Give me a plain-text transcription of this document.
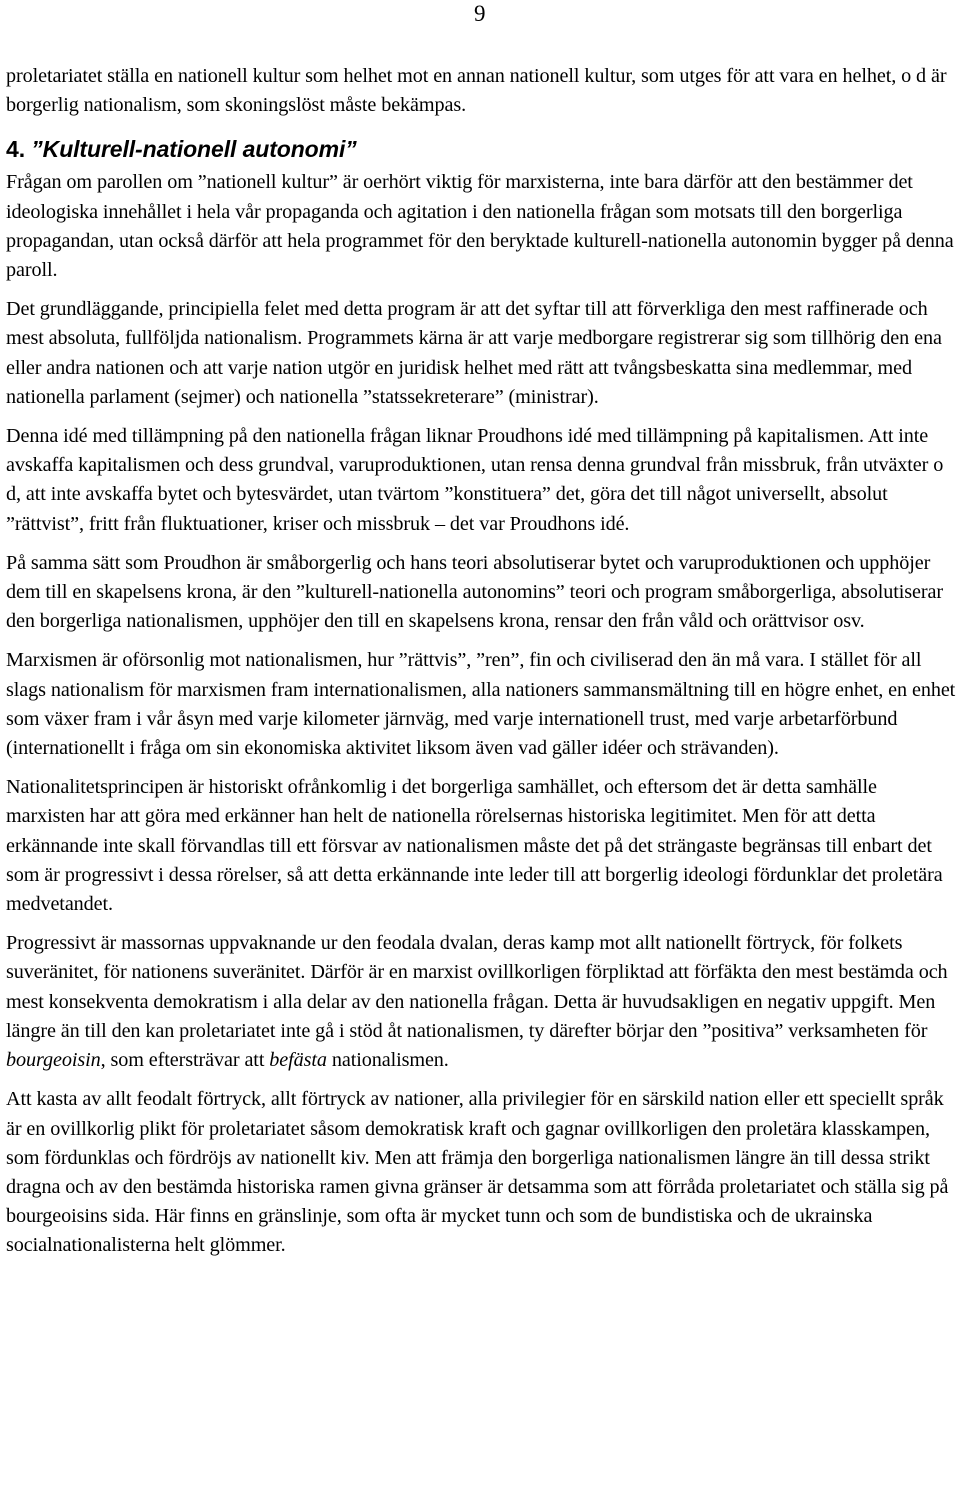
9

proletariatet ställa en nationell kultur som helhet mot en annan nationell kultur, som utges för att vara en helhet, o d är borgerlig nationalism, som skoningslöst måste bekämpas.

4. ”Kulturell-nationell autonomi”

Frågan om parollen om ”nationell kultur” är oerhört viktig för marxisterna, inte bara därför att den bestämmer det ideologiska innehållet i hela vår propaganda och agitation i den nationella frågan som motsats till den borgerliga propagandan, utan också därför att hela programmet för den beryktade kulturell-nationella autonomin bygger på denna paroll.

Det grundläggande, principiella felet med detta program är att det syftar till att förverkliga den mest raffinerade och mest absoluta, fullföljda nationalism. Programmets kärna är att varje medborgare registrerar sig som tillhörig den ena eller andra nationen och att varje nation utgör en juridisk helhet med rätt att tvångsbeskatta sina medlemmar, med nationella parlament (sejmer) och nationella ”statssekreterare” (ministrar).

Denna idé med tillämpning på den nationella frågan liknar Proudhons idé med tillämpning på kapitalismen. Att inte avskaffa kapitalismen och dess grundval, varuproduktionen, utan rensa denna grundval från missbruk, från utväxter o d, att inte avskaffa bytet och bytesvärdet, utan tvärtom ”konstituera” det, göra det till något universellt, absolut ”rättvist”, fritt från fluktuationer, kriser och missbruk – det var Proudhons idé.

På samma sätt som Proudhon är småborgerlig och hans teori absolutiserar bytet och varuproduktionen och upphöjer dem till en skapelsens krona, är den ”kulturell-nationella autonomins” teori och program småborgerliga, absolutiserar den borgerliga nationalismen, upphöjer den till en skapelsens krona, rensar den från våld och orättvisor osv.

Marxismen är oförsonlig mot nationalismen, hur ”rättvis”, ”ren”, fin och civiliserad den än må vara. I stället för all slags nationalism för marxismen fram internationalismen, alla nationers sammansmältning till en högre enhet, en enhet som växer fram i vår åsyn med varje kilometer järnväg, med varje internationell trust, med varje arbetarförbund (internationellt i fråga om sin ekonomiska aktivitet liksom även vad gäller idéer och strävanden).

Nationalitetsprincipen är historiskt ofrånkomlig i det borgerliga samhället, och eftersom det är detta samhälle marxisten har att göra med erkänner han helt de nationella rörelsernas historiska legitimitet. Men för att detta erkännande inte skall förvandlas till ett försvar av nationalismen måste det på det strängaste begränsas till enbart det som är progressivt i dessa rörelser, så att detta erkännande inte leder till att borgerlig ideologi fördunklar det proletära medvetandet.

Progressivt är massornas uppvaknande ur den feodala dvalan, deras kamp mot allt nationellt förtryck, för folkets suveränitet, för nationens suveränitet. Därför är en marxist ovillkorligen förpliktad att förfäkta den mest bestämda och mest konsekventa demokratism i alla delar av den nationella frågan. Detta är huvudsakligen en negativ uppgift. Men längre än till den kan proletariatet inte gå i stöd åt nationalismen, ty därefter börjar den ”positiva” verksamheten för bourgeoisin, som eftersträvar att befästa nationalismen.

Att kasta av allt feodalt förtryck, allt förtryck av nationer, alla privilegier för en särskild nation eller ett speciellt språk är en ovillkorlig plikt för proletariatet såsom demokratisk kraft och gagnar ovillkorligen den proletära klasskampen, som fördunklas och fördröjs av nationellt kiv. Men att främja den borgerliga nationalismen längre än till dessa strikt dragna och av den bestämda historiska ramen givna gränser är detsamma som att förråda proletariatet och ställa sig på bourgeoisins sida. Här finns en gränslinje, som ofta är mycket tunn och som de bundistiska och de ukrainska socialnationalisterna helt glömmer.
